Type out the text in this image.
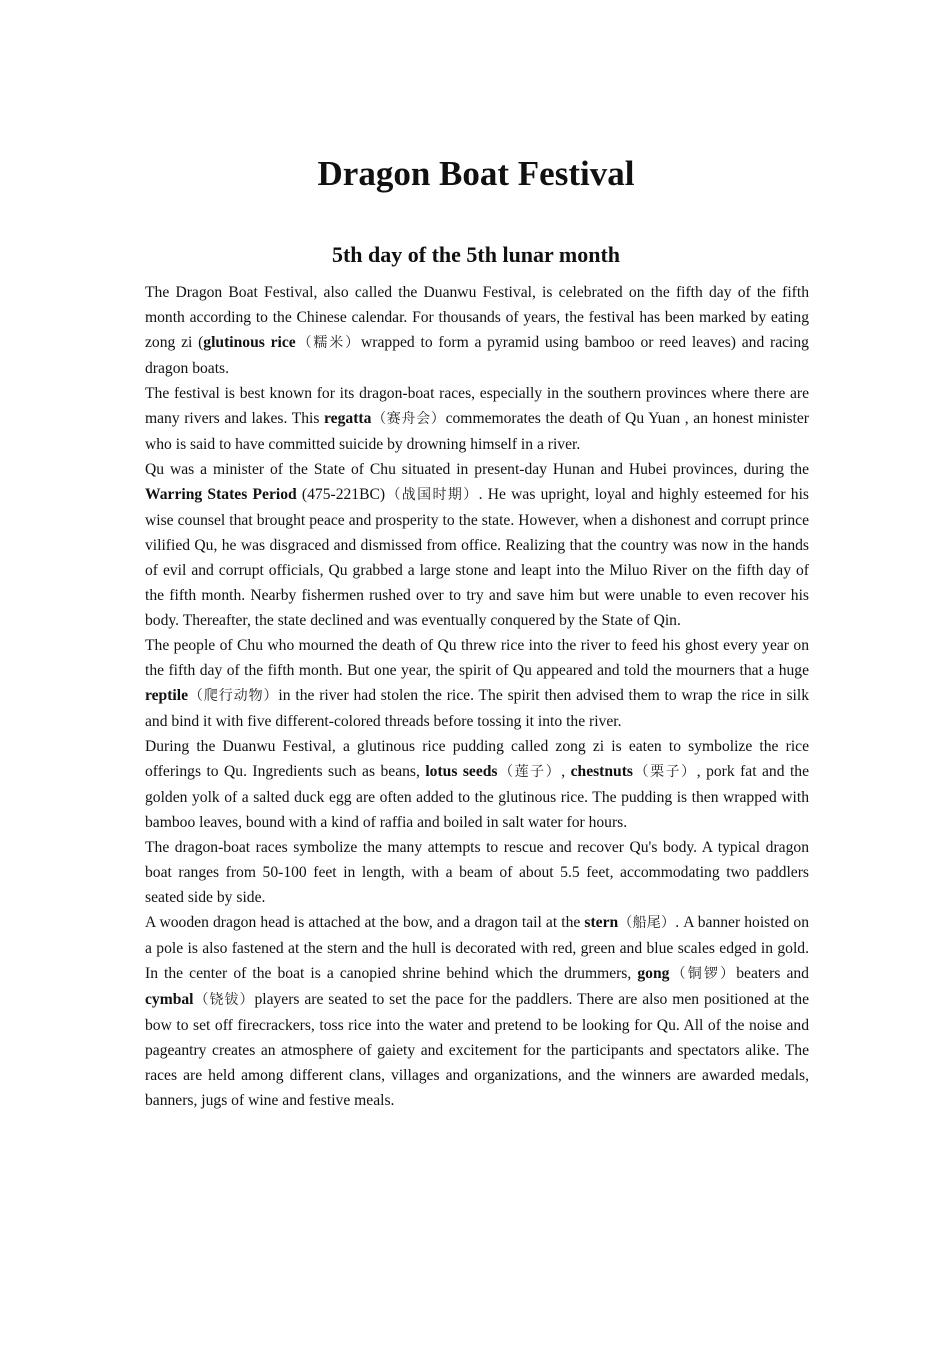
Dragon Boat Festival
5th day of the 5th lunar month

The Dragon Boat Festival, also called the Duanwu Festival, is celebrated on the fifth day of the fifth month according to the Chinese calendar. For thousands of years, the festival has been marked by eating zong zi (glutinous rice（糯米）wrapped to form a pyramid using bamboo or reed leaves) and racing dragon boats.

The festival is best known for its dragon-boat races, especially in the southern provinces where there are many rivers and lakes. This regatta（赛舟会）commemorates the death of Qu Yuan , an honest minister who is said to have committed suicide by drowning himself in a river.

Qu was a minister of the State of Chu situated in present-day Hunan and Hubei provinces, during the Warring States Period (475-221BC)（战国时期）. He was upright, loyal and highly esteemed for his wise counsel that brought peace and prosperity to the state. However, when a dishonest and corrupt prince vilified Qu, he was disgraced and dismissed from office. Realizing that the country was now in the hands of evil and corrupt officials, Qu grabbed a large stone and leapt into the Miluo River on the fifth day of the fifth month. Nearby fishermen rushed over to try and save him but were unable to even recover his body. Thereafter, the state declined and was eventually conquered by the State of Qin.

The people of Chu who mourned the death of Qu threw rice into the river to feed his ghost every year on the fifth day of the fifth month. But one year, the spirit of Qu appeared and told the mourners that a huge reptile（爬行动物）in the river had stolen the rice. The spirit then advised them to wrap the rice in silk and bind it with five different-colored threads before tossing it into the river.

During the Duanwu Festival, a glutinous rice pudding called zong zi is eaten to symbolize the rice offerings to Qu. Ingredients such as beans, lotus seeds（莲子）, chestnuts（栗子）, pork fat and the golden yolk of a salted duck egg are often added to the glutinous rice. The pudding is then wrapped with bamboo leaves, bound with a kind of raffia and boiled in salt water for hours.

The dragon-boat races symbolize the many attempts to rescue and recover Qu's body. A typical dragon boat ranges from 50-100 feet in length, with a beam of about 5.5 feet, accommodating two paddlers seated side by side.

A wooden dragon head is attached at the bow, and a dragon tail at the stern（船尾）. A banner hoisted on a pole is also fastened at the stern and the hull is decorated with red, green and blue scales edged in gold. In the center of the boat is a canopied shrine behind which the drummers, gong（铜锣）beaters and cymbal（铙钹）players are seated to set the pace for the paddlers. There are also men positioned at the bow to set off firecrackers, toss rice into the water and pretend to be looking for Qu. All of the noise and pageantry creates an atmosphere of gaiety and excitement for the participants and spectators alike. The races are held among different clans, villages and organizations, and the winners are awarded medals, banners, jugs of wine and festive meals.
